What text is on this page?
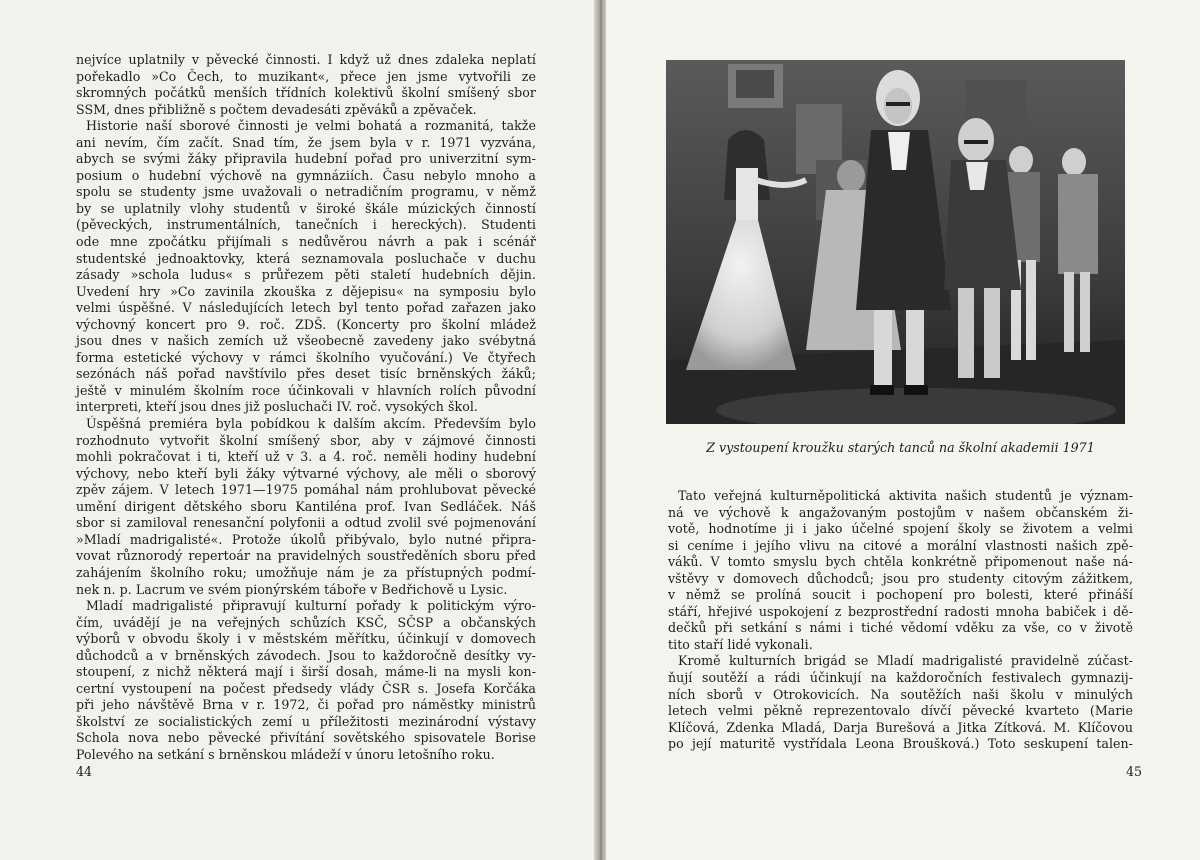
nejvíce uplatnily v pěvecké činnosti. I když už dnes zdaleka neplatí
pořekadlo »Co Čech, to muzikant«, přece jen jsme vytvořili ze
skromných počátků menších třídních kolektivů školní smíšený sbor
SSM, dnes přibližně s počtem devadesáti zpěváků a zpěvaček.
Historie naší sborové činnosti je velmi bohatá a rozmanitá, takže
ani nevím, čím začít. Snad tím, že jsem byla v r. 1971 vyzvána,
abych se svými žáky připravila hudební pořad pro univerzitní sym-
posium o hudební výchově na gymnáziích. Času nebylo mnoho a
spolu se studenty jsme uvažovali o netradičním programu, v němž
by se uplatnily vlohy studentů v široké škále múzických činností
(pěveckých, instrumentálních, tanečních i hereckých). Studenti
ode mne zpočátku přijímali s nedůvěrou návrh a pak i scénář
studentské jednoaktovky, která seznamovala posluchače v duchu
zásady »schola ludus« s průřezem pěti staletí hudebních dějin.
Uvedení hry »Co zavinila zkouška z dějepisu« na symposiu bylo
velmi úspěšné. V následujících letech byl tento pořad zařazen jako
výchovný koncert pro 9. roč. ZDŠ. (Koncerty pro školní mládež
jsou dnes v našich zemích už všeobecně zavedeny jako svébytná
forma estetické výchovy v rámci školního vyučování.) Ve čtyřech
sezónách náš pořad navštívilo přes deset tisíc brněnských žáků;
ještě v minulém školním roce účinkovali v hlavních rolích původní
interpreti, kteří jsou dnes již posluchači IV. roč. vysokých škol.
Úspěšná premiéra byla pobídkou k dalším akcím. Především bylo
rozhodnuto vytvořit školní smíšený sbor, aby v zájmové činnosti
mohli pokračovat i ti, kteří už v 3. a 4. roč. neměli hodiny hudební
výchovy, nebo kteří byli žáky výtvarné výchovy, ale měli o sborový
zpěv zájem. V letech 1971—1975 pomáhal nám prohlubovat pěvecké
umění dirigent dětského sboru Kantiléna prof. Ivan Sedláček. Náš
sbor si zamiloval renesanční polyfonii a odtud zvolil své pojmenování
»Mladí madrigalisté«. Protože úkolů přibývalo, bylo nutné připra-
vovat různorodý repertoár na pravidelných soustředěních sboru před
zahájením školního roku; umožňuje nám je za přístupných podmí-
nek n. p. Lacrum ve svém pionýrském táboře v Bedřichově u Lysic.
Mladí madrigalisté připravují kulturní pořady k politickým výro-
čím, uvádějí je na veřejných schůzích KSČ, SČSP a občanských
výborů v obvodu školy i v městském měřítku, účinkují v domovech
důchodců a v brněnských závodech. Jsou to každoročně desítky vy-
stoupení, z nichž některá mají i širší dosah, máme-li na mysli kon-
certní vystoupení na počest předsedy vlády ČSR s. Josefa Korčáka
při jeho návštěvě Brna v r. 1972, či pořad pro náměstky ministrů
školství ze socialistických zemí u příležitosti mezinárodní výstavy
Schola nova nebo pěvecké přivítání sovětského spisovatele Borise
Polevého na setkání s brněnskou mládeží v únoru letošního roku.
44
Z vystoupení kroužku starých tanců na školní akademii 1971
Tato veřejná kulturněpolitická aktivita našich studentů je význam-
ná ve výchově k angažovaným postojům v našem občanském ži-
votě, hodnotíme ji i jako účelné spojení školy se životem a velmi
si ceníme i jejího vlivu na citové a morální vlastnosti našich zpě-
váků. V tomto smyslu bych chtěla konkrétně připomenout naše ná-
vštěvy v domovech důchodců; jsou pro studenty citovým zážitkem,
v němž se prolíná soucit i pochopení pro bolesti, které přináší
stáří, hřejivé uspokojení z bezprostřední radosti mnoha babiček i dě-
dečků při setkání s námi i tiché vědomí vděku za vše, co v životě
tito staří lidé vykonali.
Kromě kulturních brigád se Mladí madrigalisté pravidelně zúčast-
ňují soutěží a rádi účinkují na každoročních festivalech gymnazij-
ních sborů v Otrokovicích. Na soutěžích naši školu v minulých
letech velmi pěkně reprezentovalo dívčí pěvecké kvarteto (Marie
Klíčová, Zdenka Mladá, Darja Burešová a Jitka Zítková. M. Klíčovou
po její maturitě vystřídala Leona Broušková.) Toto seskupení talen-
45
